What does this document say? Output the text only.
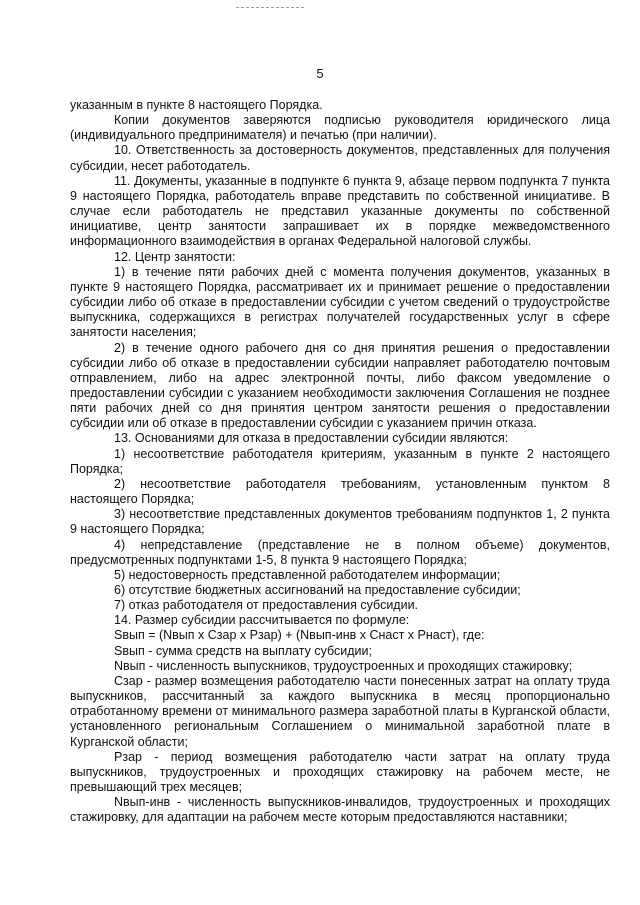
5

указанным в пункте 8 настоящего Порядка.

Копии документов заверяются подписью руководителя юридического лица (индивидуального предпринимателя) и печатью (при наличии).

10. Ответственность за достоверность документов, представленных для получения субсидии, несет работодатель.

11. Документы, указанные в подпункте 6 пункта 9, абзаце первом подпункта 7 пункта 9 настоящего Порядка, работодатель вправе представить по собственной инициативе. В случае если работодатель не представил указанные документы по собственной инициативе, центр занятости запрашивает их в порядке межведомственного информационного взаимодействия в органах Федеральной налоговой службы.

12. Центр занятости:

1) в течение пяти рабочих дней с момента получения документов, указанных в пункте 9 настоящего Порядка, рассматривает их и принимает решение о предоставлении субсидии либо об отказе в предоставлении субсидии с учетом сведений о трудоустройстве выпускника, содержащихся в регистрах получателей государственных услуг в сфере занятости населения;

2) в течение одного рабочего дня со дня принятия решения о предоставлении субсидии либо об отказе в предоставлении субсидии направляет работодателю почтовым отправлением, либо на адрес электронной почты, либо факсом уведомление о предоставлении субсидии с указанием необходимости заключения Соглашения не позднее пяти рабочих дней со дня принятия центром занятости решения о предоставлении субсидии или об отказе в предоставлении субсидии с указанием причин отказа.

13. Основаниями для отказа в предоставлении субсидии являются:

1) несоответствие работодателя критериям, указанным в пункте 2 настоящего Порядка;

2) несоответствие работодателя требованиям, установленным пунктом 8 настоящего Порядка;

3) несоответствие представленных документов требованиям подпунктов 1, 2 пункта 9 настоящего Порядка;

4) непредставление (представление не в полном объеме) документов, предусмотренных подпунктами 1-5, 8 пункта 9 настоящего Порядка;

5) недостоверность представленной работодателем информации;

6) отсутствие бюджетных ассигнований на предоставление субсидии;

7) отказ работодателя от предоставления субсидии.

14. Размер субсидии рассчитывается по формуле:

Sвып = (Nвып х Сзар х Рзар) + (Nвып-инв х Снаст х Рнаст), где:

Sвып - сумма средств на выплату субсидии;

Nвып - численность выпускников, трудоустроенных и проходящих стажировку;

Сзар - размер возмещения работодателю части понесенных затрат на оплату труда выпускников, рассчитанный за каждого выпускника в месяц пропорционально отработанному времени от минимального размера заработной платы в Курганской области, установленного региональным Соглашением о минимальной заработной плате в Курганской области;

Рзар - период возмещения работодателю части затрат на оплату труда выпускников, трудоустроенных и проходящих стажировку на рабочем месте, не превышающий трех месяцев;

Nвып-инв - численность выпускников-инвалидов, трудоустроенных и проходящих стажировку, для адаптации на рабочем месте которым предоставляются наставники;
